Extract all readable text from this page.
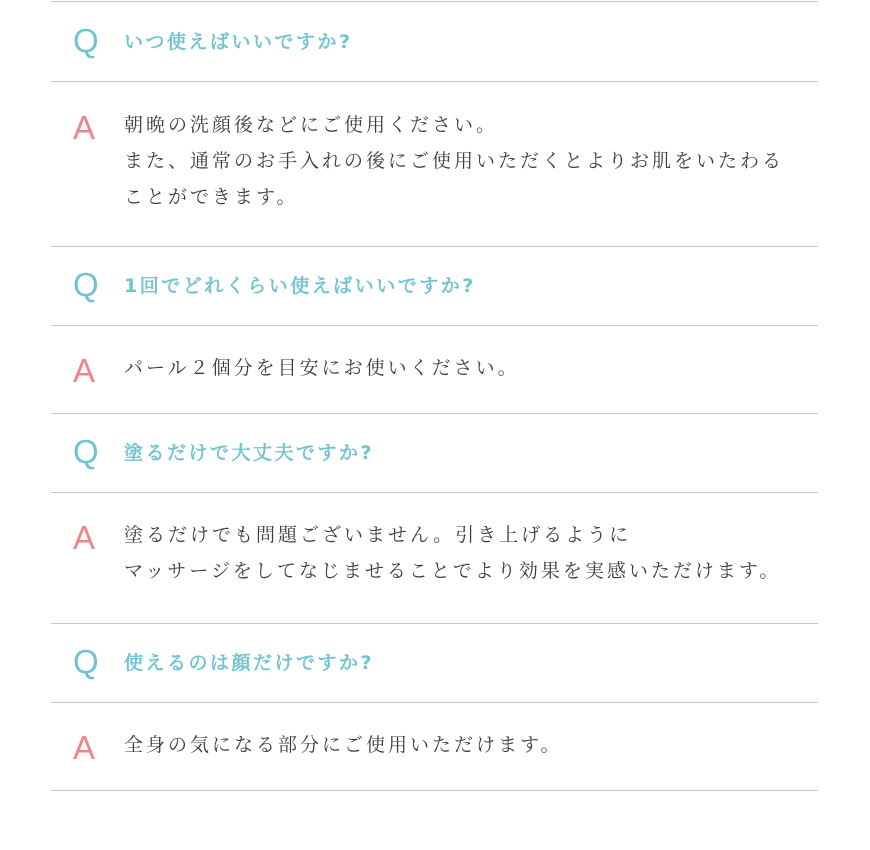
Q いつ使えばいいですか?
A 朝晩の洗顔後などにご使用ください。
また、通常のお手入れの後にご使用いただくとよりお肌をいたわる
ことができます。
Q 1回でどれくらい使えばいいですか?
A パール２個分を目安にお使いください。
Q 塗るだけで大丈夫ですか?
A 塗るだけでも問題ございません。引き上げるように
マッサージをしてなじませることでより効果を実感いただけます。
Q 使えるのは顔だけですか?
A 全身の気になる部分にご使用いただけます。
